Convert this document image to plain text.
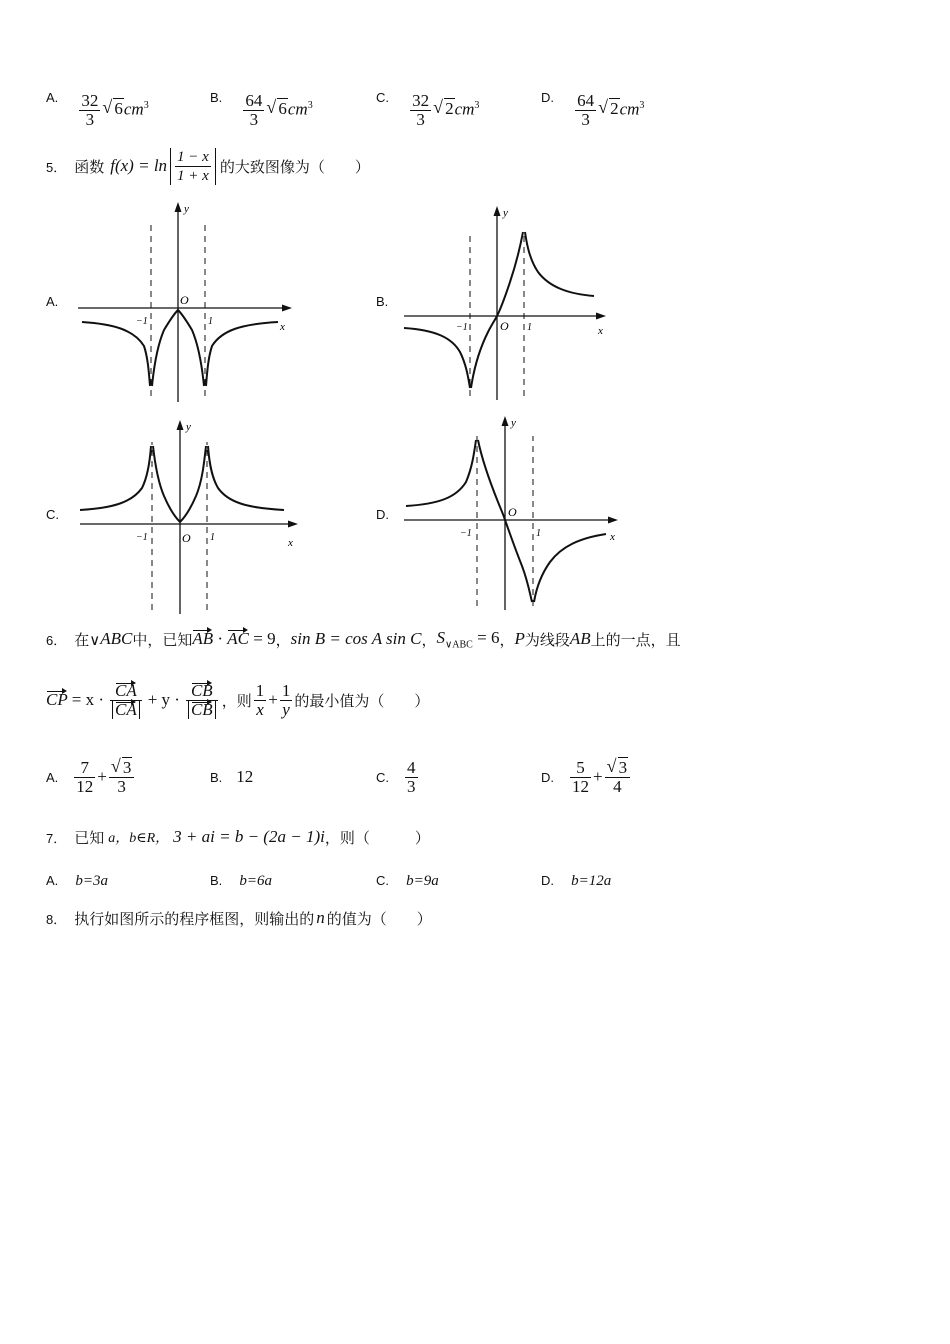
$^{A.} \frac{32}{3}$ √ $6cm^3$	$^{B.} \frac{64}{3}$ √ $6cm^3$	$^{C.} \frac{32}{3}$ √ $2cm^3$	$^{D.} \frac{64}{3}$ √ $2cm^3$
5． 函数 $f(x) = \ln \frac{1 - x}{1 + x}$ 的大致图像为（　　）
A.
y
x
O
−1	1
B.
y
x
O
−1	1
C.
y
x
O
−1	1
D.
y
x
O
−1	1
6． 在∨ ABC 中，已知 AB · AC = 9 ， sin B = cos A sin C ， $S_{\vee ABC} = 6$ ， P 为线段 AB 上的一点，且
CP = $x \cdot \frac{CA}{CA} + y \cdot \frac{CB}{CB}$ ，则 $\frac{1}{x} + \frac{1}{y}$ 的最小值为（　　）
A. $\frac{7}{12}$ + √ $\frac{3}{3}$	B. 12	C. $\frac{4}{3}$	D. $\frac{5}{12}$ + √ $\frac{3}{4}$
7． 已知 a，b∈R， 3 + ai = b − (2a − 1)i ，则（　　　）
A. b=3a	B. b=6a	C. b=9a	D. b=12a
8． 执行如图所示的程序框图，则输出的 n 的值为（　　）
